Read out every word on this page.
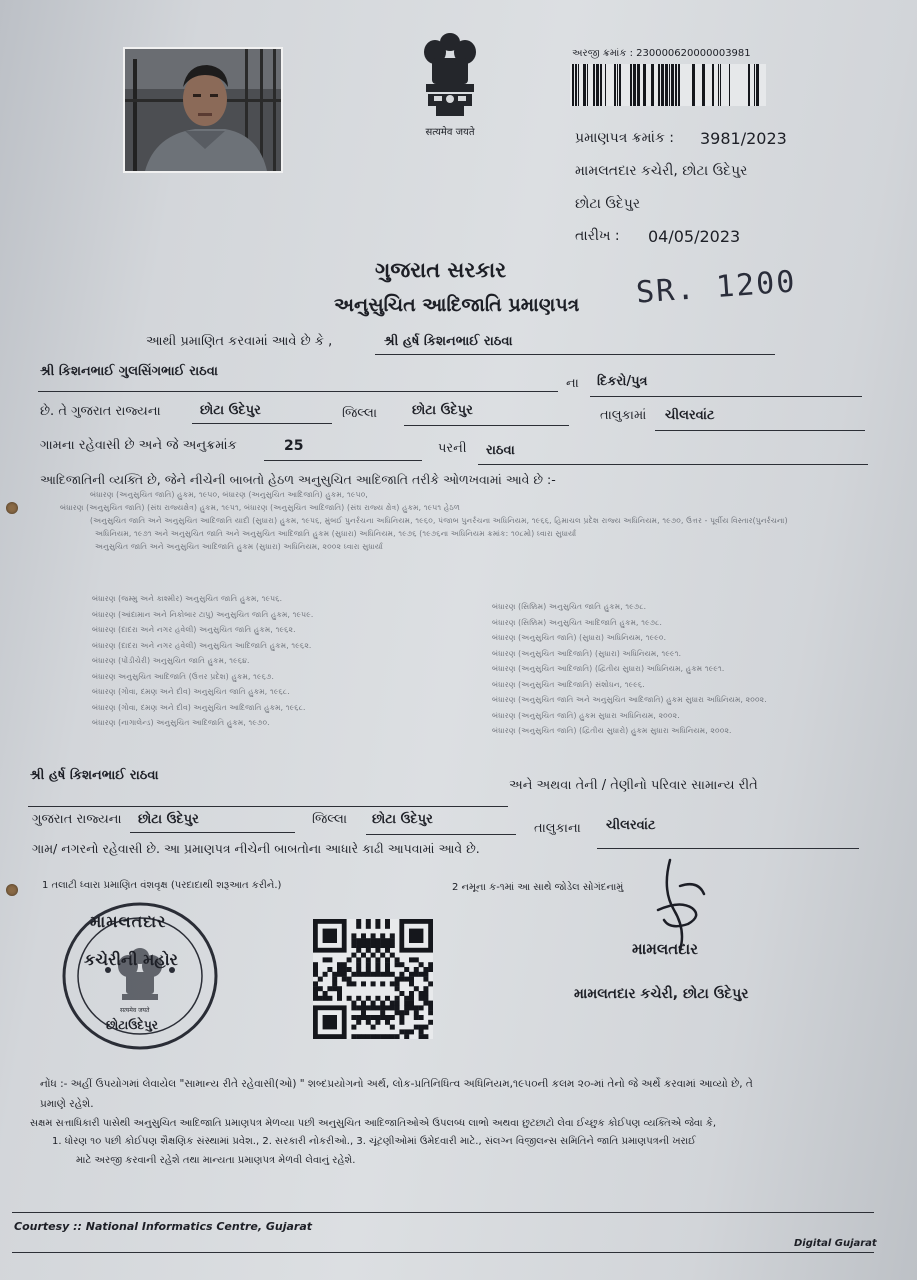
सत्यमेव जयते
અરજી ક્રમાંક : 230000620000003981
પ્રમાણપત્ર ક્રમાંક : 3981/2023
મામલતદાર કચેરી, છોટા ઉદેપુર
છોટા ઉદેપુર
તારીખ : 04/05/2023
SR. 1200
ગુજરાત સરકાર
અનુસુચિત આદિજાતિ પ્રમાણપત્ર
આથી પ્રમાણિત કરવામાં આવે છે કે ,	શ્રી હર્ષ કિશનભાઈ રાઠવા
શ્રી કિશનભાઈ ગુલસિંગભાઈ રાઠવા
ના દિકરો/પુત્ર
છે. તે ગુજરાત રાજ્યના	છોટા ઉદેપુર	જિલ્લા	છોટા ઉદેપુર	તાલુકામાં ચીલરવાંટ
ગામના રહેવાસી છે અને જે અનુક્રમાંક	25	પરની રાઠવા
આદિજાતિની વ્યક્તિ છે, જેને નીચેની બાબતો હેઠળ અનુસુચિત આદિજાતિ તરીકે ઓળખવામાં આવે છે :-
બંધારણ (અનુસુચિત જાતિ) હુકમ, ૧૯૫૦, બંધારણ (અનુસુચિત આદિજાતિ) હુકમ, ૧૯૫૦,
બંધારણ (અનુસુચિત જાતિ) (સંઘ રાજ્યક્ષેત્ર) હુકમ, ૧૯૫૧, બંધારણ (અનુસુચિત આદિજાતિ) (સંઘ રાજ્ય ક્ષેત્ર) હુકમ, ૧૯૫૧ હેઠળ
(અનુસુચિત જાતિ અને અનુસુચિત આદિજાતિ યાદી (સુધારા) હુકમ, ૧૯૫૬, મુંબઈ પુનર્રચના અધિનિયમ, ૧૯૬૦, પંજાબ પુનર્રચના અધિનિયમ, ૧૯૬૬, હિમાચલ પ્રદેશ રાજ્ય અધિનિયમ, ૧૯૭૦, ઉત્તર - પૂર્વીય વિસ્તાર(પુનર્રચના)
અધિનિયમ, ૧૯૭૧ અને અનુસુચિત જાતિ અને અનુસુચિત આદિજાતિ હુકમ (સુધારા) અધિનિયમ, ૧૯૭૬ (૧૯૭૬ના અધિનિયમ ક્રમાંક: ૧૦૮મો) ધ્વારા સુધાર્યા
અનુસુચિત જાતિ અને અનુસુચિત આદિજાતિ હુકમ (સુધારા) અધિનિયમ, ૨૦૦૨ ધ્વારા સુધાર્યા
બંધારણ (જમ્મુ અને કાશ્મીર) અનુસુચિત જાતિ હુકમ, ૧૯૫૬.
બંધારણ (આંદામાન અને નિકોબાર ટાપુ) અનુસુચિત જાતિ હુકમ, ૧૯૫૯.
બંધારણ (દાદરા અને નગર હવેલી) અનુસુચિત જાતિ હુકમ, ૧૯૬૨.
બંધારણ (દાદરા અને નગર હવેલી) અનુસુચિત આદિજાતિ હુકમ, ૧૯૬૨.
બંધારણ (પોંડીચેરી) અનુસુચિત જાતિ હુકમ, ૧૯૬૪.
બંધારણ અનુસુચિત આદિજાતિ (ઉત્તર પ્રદેશ) હુકમ, ૧૯૬૭.
બંધારણ (ગોવા, દમણ અને દીવ) અનુસુચિત જાતિ હુકમ, ૧૯૬૮.
બંધારણ (ગોવા, દમણ અને દીવ) અનુસુચિત આદિજાતિ હુકમ, ૧૯૬૮.
બંધારણ (નાગાલેન્ડ) અનુસુચિત આદિજાતિ હુકમ, ૧૯૭૦.
બંધારણ (સિક્કિમ) અનુસુચિત જાતિ હુકમ, ૧૯૭૮.
બંધારણ (સિક્કિમ) અનુસુચિત આદિજાતિ હુકમ, ૧૯૭૮.
બંધારણ (અનુસુચિત જાતિ) (સુધારા) અધિનિયમ, ૧૯૯૦.
બંધારણ (અનુસુચિત આદિજાતિ) (સુધારા) અધિનિયમ, ૧૯૯૧.
બંધારણ (અનુસુચિત આદિજાતિ) (દ્વિતીય સુધારા) અધિનિયમ, હુકમ ૧૯૯૧.
બંધારણ (અનુસુચિત આદિજાતિ) સંશોધન, ૧૯૯૬.
બંધારણ (અનુસુચિત જાતિ અને અનુસુચિત આદિજાતિ) હુકમ સુધારા અધિનિયમ, ૨૦૦૨.
બંધારણ (અનુસુચિત જાતિ) હુકમ સુધારા અધિનિયમ, ૨૦૦૨.
બંધારણ (અનુસુચિત જાતિ) (દ્વિતીય સુધારો) હુકમ સુધારા અધિનિયમ, ૨૦૦૨.
શ્રી હર્ષ કિશનભાઈ રાઠવા
અને અથવા તેની / તેણીનો પરિવાર સામાન્ય રીતે
ગુજરાત રાજ્યના છોટા ઉદેપુર	જિલ્લા છોટા ઉદેપુર
તાલુકાના ચીલરવાંટ
ગામ/ નગરનો રહેવાસી છે. આ પ્રમાણપત્ર નીચેની બાબતોના આધારે કાઢી આપવામાં આવે છે.
1 તલાટી ધ્વારા પ્રમાણિત વંશવૃક્ષ (પરદાદાથી શરૂઆત કરીને.)	2 નમૂના ક-૧માં આ સાથે જોડેલ સોગંદનામું
મામલતદાર
કચેરીની મહોર
सत्यमेव जयते
છોટાઉદેપુર
મામલતદાર
મામલતદાર કચેરી, છોટા ઉદેપુર
નોંધ :- અહીં ઉપયોગમાં લેવાયેલ "સામાન્ય રીતે રહેવાસી(ઓ) " શબ્દપ્રયોગનો અર્થ, લોક-પ્રતિનિધિત્વ અધિનિયમ,૧૯૫૦ની કલમ ૨૦-માં તેનો જે અર્થે કરવામાં આવ્યો છે, તે
પ્રમાણે રહેશે.
સક્ષમ સત્તાધિકારી પાસેથી અનુસુચિત આદિજાતિ પ્રમાણપત્ર મેળવ્યા પછી અનુસુચિત આદિજાતિઓએ ઉપલબ્ધ લાભો અથવા છુટછાટો લેવા ઈચ્છુક કોઈપણ વ્યક્તિએ જેવા કે,
1. ધોરણ ૧૦ પછી કોઈપણ શૈક્ષણિક સંસ્થામાં પ્રવેશ., 2. સરકારી નોકરીઓ., 3. ચૂંટણીઓમાં ઉમેદવારી માટે., સંલગ્ન વિજીલન્સ સમિતિને જાતિ પ્રમાણપત્રની ખરાઈ
માટે અરજી કરવાની રહેશે તથા માન્યતા પ્રમાણપત્ર મેળવી લેવાનું રહેશે.
Courtesy :: National Informatics Centre, Gujarat
Digital Gujarat
